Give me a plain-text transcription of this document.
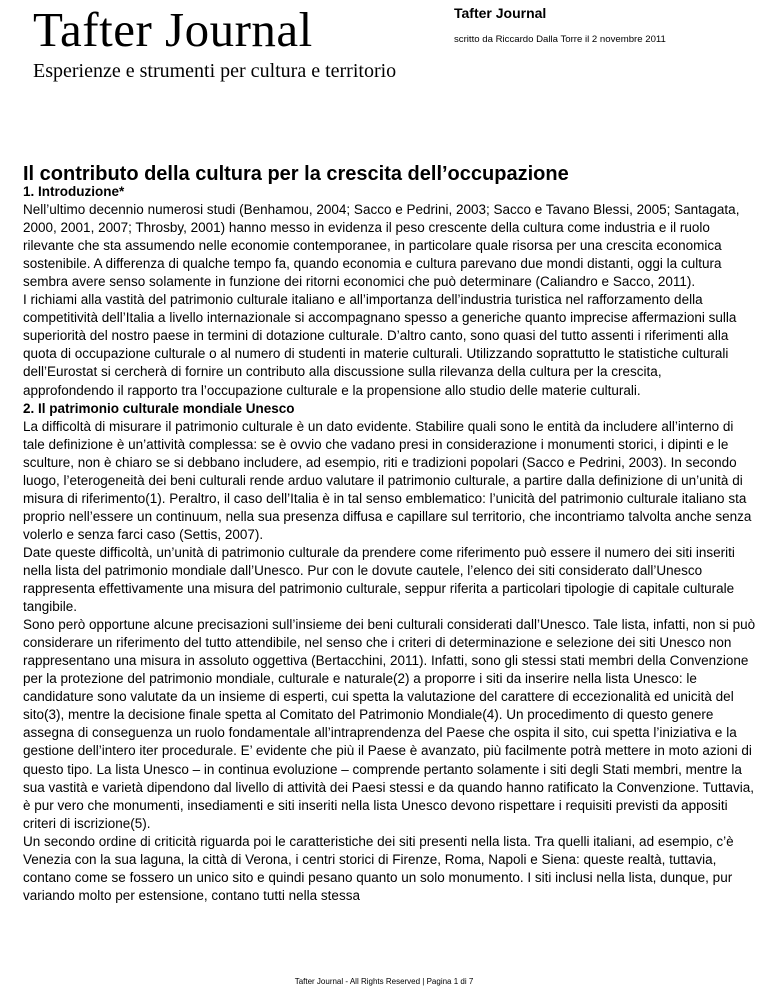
Tafter Journal
Esperienze e strumenti per cultura e territorio
Tafter Journal
scritto da Riccardo Dalla Torre il 2 novembre 2011
Il contributo della cultura per la crescita dell’occupazione

1. Introduzione*

Nell’ultimo decennio numerosi studi (Benhamou, 2004; Sacco e Pedrini, 2003; Sacco e Tavano Blessi, 2005; Santagata, 2000, 2001, 2007; Throsby, 2001) hanno messo in evidenza il peso crescente della cultura come industria e il ruolo rilevante che sta assumendo nelle economie contemporanee, in particolare quale risorsa per una crescita economica sostenibile. A differenza di qualche tempo fa, quando economia e cultura parevano due mondi distanti, oggi la cultura sembra avere senso solamente in funzione dei ritorni economici che può determinare (Caliandro e Sacco, 2011).

I richiami alla vastità del patrimonio culturale italiano e all’importanza dell’industria turistica nel rafforzamento della competitività dell’Italia a livello internazionale si accompagnano spesso a generiche quanto imprecise affermazioni sulla superiorità del nostro paese in termini di dotazione culturale. D’altro canto, sono quasi del tutto assenti i riferimenti alla quota di occupazione culturale o al numero di studenti in materie culturali. Utilizzando soprattutto le statistiche culturali dell’Eurostat si cercherà di fornire un contributo alla discussione sulla rilevanza della cultura per la crescita, approfondendo il rapporto tra l’occupazione culturale e la propensione allo studio delle materie culturali.

2. Il patrimonio culturale mondiale Unesco

La difficoltà di misurare il patrimonio culturale è un dato evidente. Stabilire quali sono le entità da includere all’interno di tale definizione è un’attività complessa: se è ovvio che vadano presi in considerazione i monumenti storici, i dipinti e le sculture, non è chiaro se si debbano includere, ad esempio, riti e tradizioni popolari (Sacco e Pedrini, 2003). In secondo luogo, l’eterogeneità dei beni culturali rende arduo valutare il patrimonio culturale, a partire dalla definizione di un’unità di misura di riferimento(1). Peraltro, il caso dell’Italia è in tal senso emblematico: l’unicità del patrimonio culturale italiano sta proprio nell’essere un continuum, nella sua presenza diffusa e capillare sul territorio, che incontriamo talvolta anche senza volerlo e senza farci caso (Settis, 2007).

Date queste difficoltà, un’unità di patrimonio culturale da prendere come riferimento può essere il numero dei siti inseriti nella lista del patrimonio mondiale dall’Unesco. Pur con le dovute cautele, l’elenco dei siti considerato dall’Unesco rappresenta effettivamente una misura del patrimonio culturale, seppur riferita a particolari tipologie di capitale culturale tangibile.

Sono però opportune alcune precisazioni sull’insieme dei beni culturali considerati dall’Unesco. Tale lista, infatti, non si può considerare un riferimento del tutto attendibile, nel senso che i criteri di determinazione e selezione dei siti Unesco non rappresentano una misura in assoluto oggettiva (Bertacchini, 2011). Infatti, sono gli stessi stati membri della Convenzione per la protezione del patrimonio mondiale, culturale e naturale(2) a proporre i siti da inserire nella lista Unesco: le candidature sono valutate da un insieme di esperti, cui spetta la valutazione del carattere di eccezionalità ed unicità del sito(3), mentre la decisione finale spetta al Comitato del Patrimonio Mondiale(4). Un procedimento di questo genere assegna di conseguenza un ruolo fondamentale all’intraprendenza del Paese che ospita il sito, cui spetta l’iniziativa e la gestione dell’intero iter procedurale. E’ evidente che più il Paese è avanzato, più facilmente potrà mettere in moto azioni di questo tipo. La lista Unesco – in continua evoluzione – comprende pertanto solamente i siti degli Stati membri, mentre la sua vastità e varietà dipendono dal livello di attività dei Paesi stessi e da quando hanno ratificato la Convenzione. Tuttavia, è pur vero che monumenti, insediamenti e siti inseriti nella lista Unesco devono rispettare i requisiti previsti da appositi criteri di iscrizione(5).

Un secondo ordine di criticità riguarda poi le caratteristiche dei siti presenti nella lista. Tra quelli italiani, ad esempio, c’è Venezia con la sua laguna, la città di Verona, i centri storici di Firenze, Roma, Napoli e Siena: queste realtà, tuttavia, contano come se fossero un unico sito e quindi pesano quanto un solo monumento. I siti inclusi nella lista, dunque, pur variando molto per estensione, contano tutti nella stessa

Tafter Journal - All Rights Reserved | Pagina 1 di 7
